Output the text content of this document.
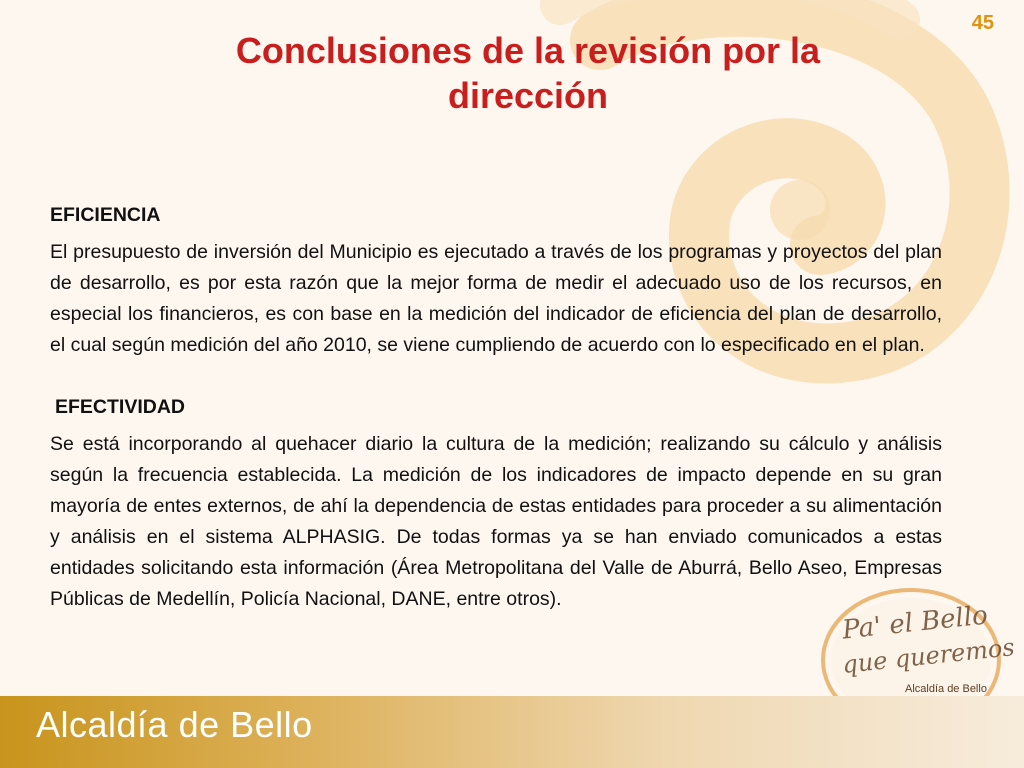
45
Conclusiones de la revisión por la
dirección
Pa' el Bello
que queremos
Alcaldía de Bello
EFICIENCIA
El presupuesto de inversión del Municipio es ejecutado a través de los programas y proyectos del plan de desarrollo, es por esta razón que la mejor forma de medir el adecuado uso de los recursos, en especial los financieros, es con base en la medición del indicador de eficiencia del plan de desarrollo, el cual según medición del año 2010, se viene cumpliendo de acuerdo con lo especificado en el plan.
EFECTIVIDAD
Se está incorporando al quehacer diario la cultura de la medición; realizando su cálculo y análisis según la frecuencia establecida. La medición de los indicadores de impacto depende en su gran mayoría de entes externos, de ahí la dependencia de estas entidades para proceder a su alimentación y análisis en el sistema ALPHASIG. De todas formas ya se han enviado comunicados a estas entidades solicitando esta información (Área Metropolitana del Valle de Aburrá, Bello Aseo, Empresas Públicas de Medellín, Policía Nacional, DANE, entre otros).
Alcaldía de Bello
